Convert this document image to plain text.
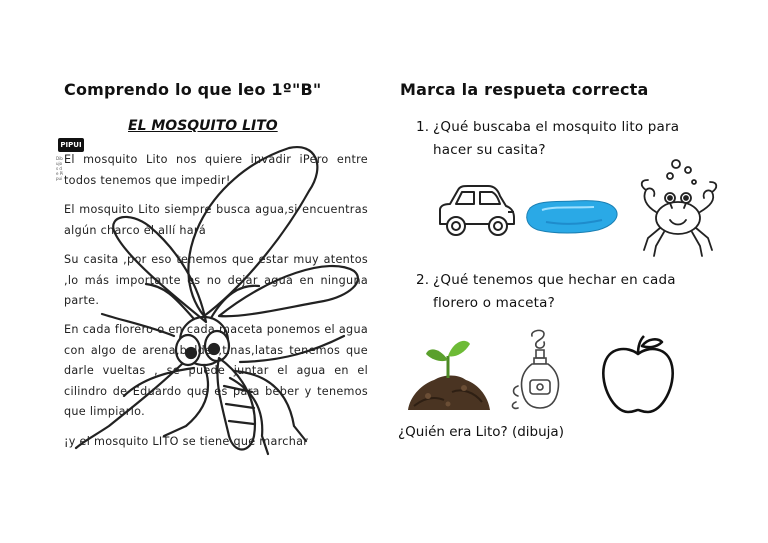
Comprendo lo que leo 1º"B"	Marca la respueta correcta
EL MOSQUITO LITO
PIPUI
Dibujos de Pipui
El mosquito Lito nos quiere invadir iPero entre todos tenemos que impedir!
El mosquito Lito siempre busca agua,si encuentras algún charco él allí hará
Su casita ,por eso tenemos que estar muy atentos ,lo más importante es no dejar agua en ninguna parte.
En cada florero o en cada maceta ponemos el agua con algo de arena,baldes,tinas,latas tenemos que darle vueltas , se puede juntar el agua en el cilindro de Eduardo que es para beber y tenemos que limpiarlo.
¡y el mosquito LITO se tiene que marchar
1. ¿Qué buscaba el mosquito lito para hacer su casita?
2. ¿Qué tenemos que hechar en cada florero o maceta?
¿Quién era Lito? (dibuja)
